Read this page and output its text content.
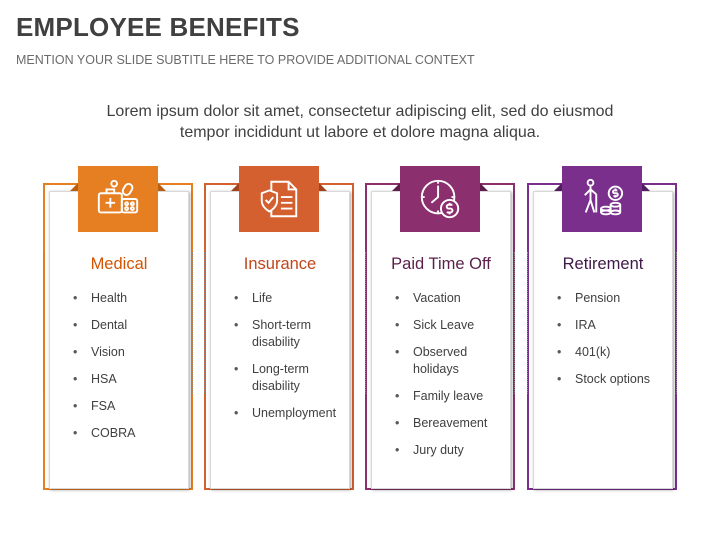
EMPLOYEE BENEFITS
MENTION YOUR SLIDE SUBTITLE HERE TO PROVIDE ADDITIONAL CONTEXT
Lorem ipsum dolor sit amet, consectetur adipiscing elit, sed do eiusmod tempor incididunt ut labore et dolore magna aliqua.
Medical
• Health
• Dental
• Vision
• HSA
• FSA
• COBRA
Insurance
• Life
• Short-term disability
• Long-term disability
• Unemployment
Paid Time Off
• Vacation
• Sick Leave
• Observed holidays
• Family leave
• Bereavement
• Jury duty
Retirement
• Pension
• IRA
• 401(k)
• Stock options
